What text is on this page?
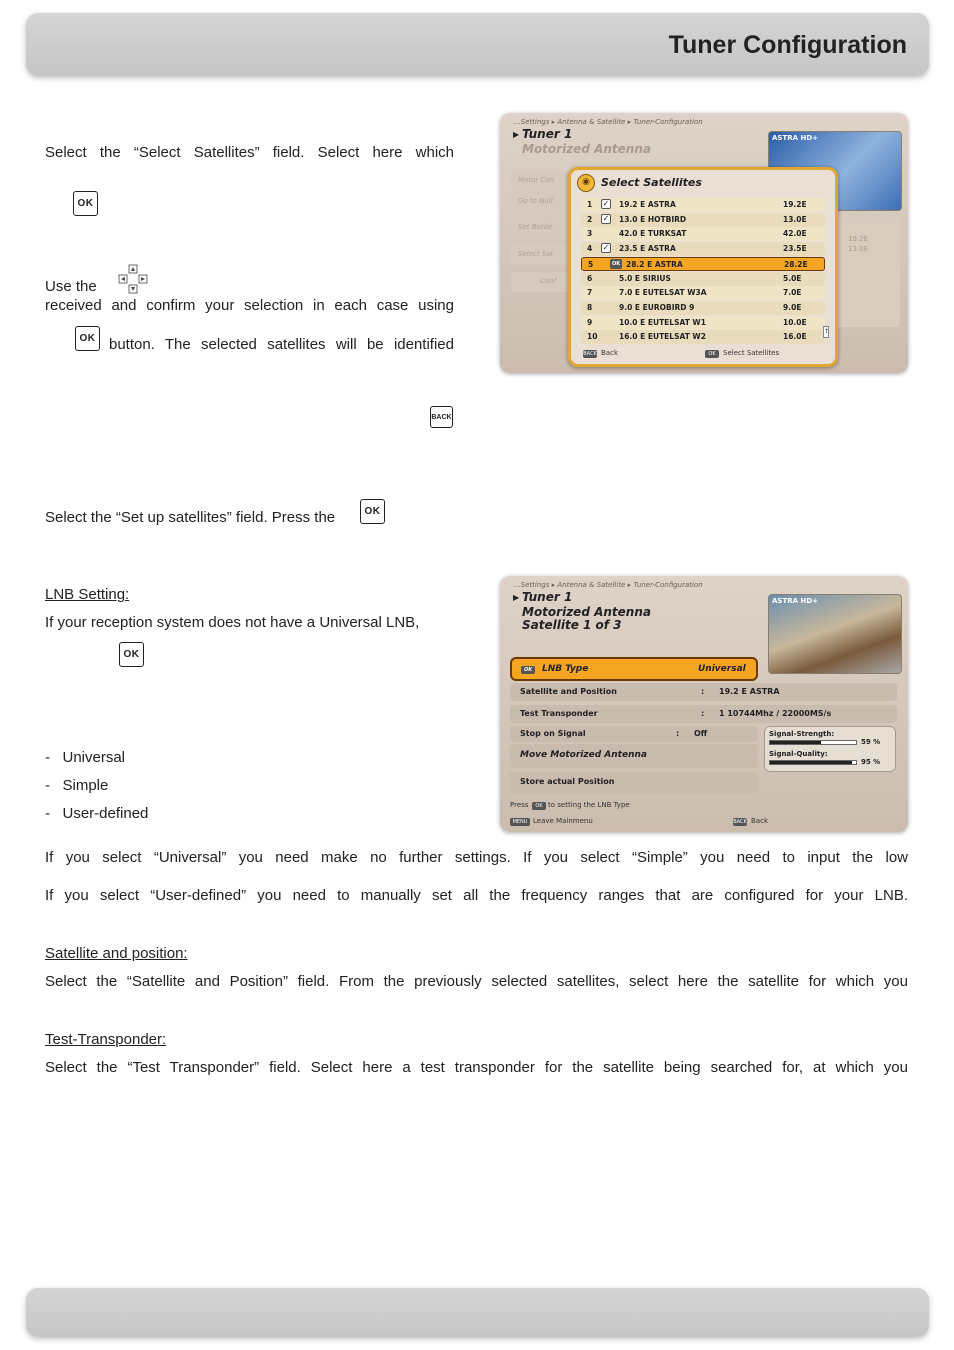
Tuner Configuration
Select the “Select Satellites” field. Select here which
OK
Use the
received and confirm your selection in each case using
OK button. The selected satellites will be identified
BACK
Select the “Set up satellites” field. Press the	OK
LNB Setting:
If your reception system does not have a Universal LNB,
OK
-   Universal
-   Simple
-   User-defined
If you select “Universal” you need make no further settings. If you select “Simple” you need to input the low
If you select “User-defined” you need to manually set all the frequency ranges that are configured for your LNB.
Satellite and position:
Select the “Satellite and Position” field. From the previously selected satellites, select here the satellite for which you
Test-Transponder:
Select the “Test Transponder” field. Select here a test transponder for the satellite being searched for, at which you
...Settings ▸ Antenna & Satellite ▸ Tuner-Configuration
▶ Tuner 1
Motorized Antenna
ASTRA HD+
19.2E
13.0E
Motor Con
Go to Null
Set Borde
Select Sat
Conf
◉	Select Satellites
1 ✓ 19.2 E ASTRA	19.2E
2 ✓ 13.0 E HOTBIRD	13.0E
3	42.0 E TURKSAT	42.0E
4 ✓ 23.5 E ASTRA	23.5E
5	OK 28.2 E ASTRA	28.2E
6	5.0 E SIRIUS	5.0E
7	7.0 E EUTELSAT W3A	7.0E
8	9.0 E EUROBIRD 9	9.0E
9	10.0 E EUTELSAT W1	10.0E
10	16.0 E EUTELSAT W2	16.0E
↑
BACK Back	OK	Select Satellites
...Settings ▸ Antenna & Satellite ▸ Tuner-Configuration
▶ Tuner 1
Motorized Antenna
Satellite 1 of 3
ASTRA HD+
OK	LNB Type	Universal
Satellite and Position	: 19.2 E ASTRA
Test Transponder	: 1 10744Mhz / 22000MS/s
Stop on Signal	: Off
Move Motorized Antenna
Store actual Position
Signal-Strength:
59 %
Signal-Quality:
95 %
Press	OK to setting the LNB Type
MENU Leave Mainmenu	BACK Back
